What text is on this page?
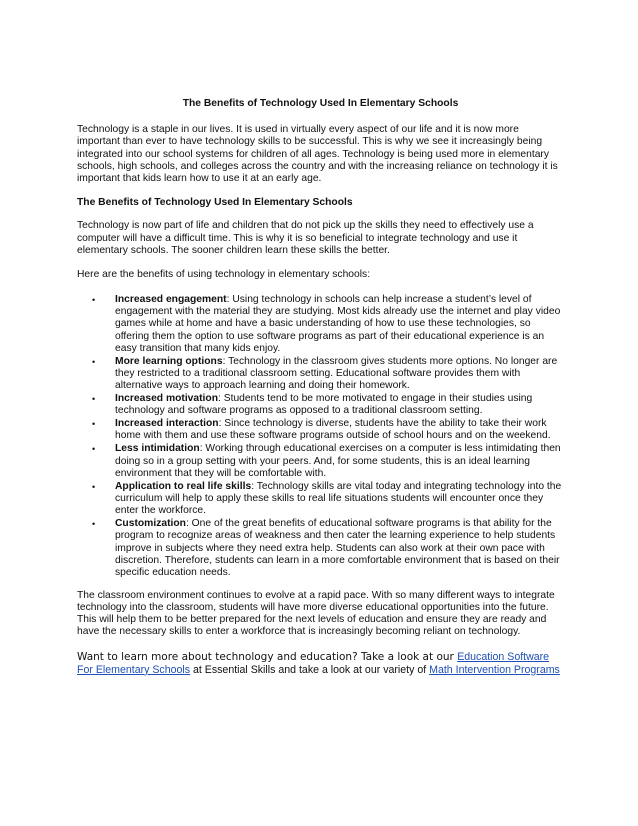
The Benefits of Technology Used In Elementary Schools

Technology is a staple in our lives. It is used in virtually every aspect of our life and it is now more important than ever to have technology skills to be successful. This is why we see it increasingly being integrated into our school systems for children of all ages. Technology is being used more in elementary schools, high schools, and colleges across the country and with the increasing reliance on technology it is important that kids learn how to use it at an early age.

The Benefits of Technology Used In Elementary Schools

Technology is now part of life and children that do not pick up the skills they need to effectively use a computer will have a difficult time. This is why it is so beneficial to integrate technology and use it elementary schools. The sooner children learn these skills the better.

Here are the benefits of using technology in elementary schools:

• Increased engagement: Using technology in schools can help increase a student’s level of engagement with the material they are studying. Most kids already use the internet and play video games while at home and have a basic understanding of how to use these technologies, so offering them the option to use software programs as part of their educational experience is an easy transition that many kids enjoy.
• More learning options: Technology in the classroom gives students more options. No longer are they restricted to a traditional classroom setting. Educational software provides them with alternative ways to approach learning and doing their homework.
• Increased motivation: Students tend to be more motivated to engage in their studies using technology and software programs as opposed to a traditional classroom setting.
• Increased interaction: Since technology is diverse, students have the ability to take their work home with them and use these software programs outside of school hours and on the weekend.
• Less intimidation: Working through educational exercises on a computer is less intimidating then doing so in a group setting with your peers. And, for some students, this is an ideal learning environment that they will be comfortable with.
• Application to real life skills: Technology skills are vital today and integrating technology into the curriculum will help to apply these skills to real life situations students will encounter once they enter the workforce.
• Customization: One of the great benefits of educational software programs is that ability for the program to recognize areas of weakness and then cater the learning experience to help students improve in subjects where they need extra help. Students can also work at their own pace with discretion. Therefore, students can learn in a more comfortable environment that is based on their specific education needs.

The classroom environment continues to evolve at a rapid pace. With so many different ways to integrate technology into the classroom, students will have more diverse educational opportunities into the future. This will help them to be better prepared for the next levels of education and ensure they are ready and have the necessary skills to enter a workforce that is increasingly becoming reliant on technology.

Want to learn more about technology and education? Take a look at our Education Software For Elementary Schools at Essential Skills and take a look at our variety of Math Intervention Programs
